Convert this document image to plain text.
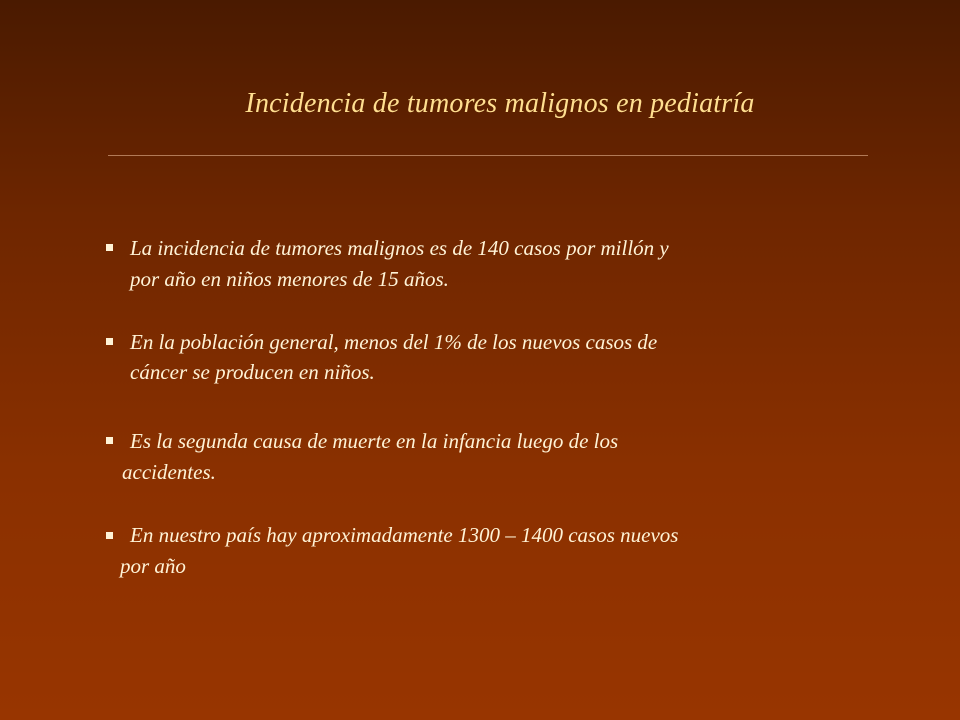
Incidencia de tumores malignos en pediatría
La incidencia de tumores malignos es de 140 casos por millón y
por año en niños menores de 15 años.
En la población general, menos del 1% de los nuevos casos de
cáncer se producen en niños.
Es la segunda causa de muerte en la infancia luego de los
accidentes.
En nuestro país hay aproximadamente 1300 – 1400 casos nuevos
por año
